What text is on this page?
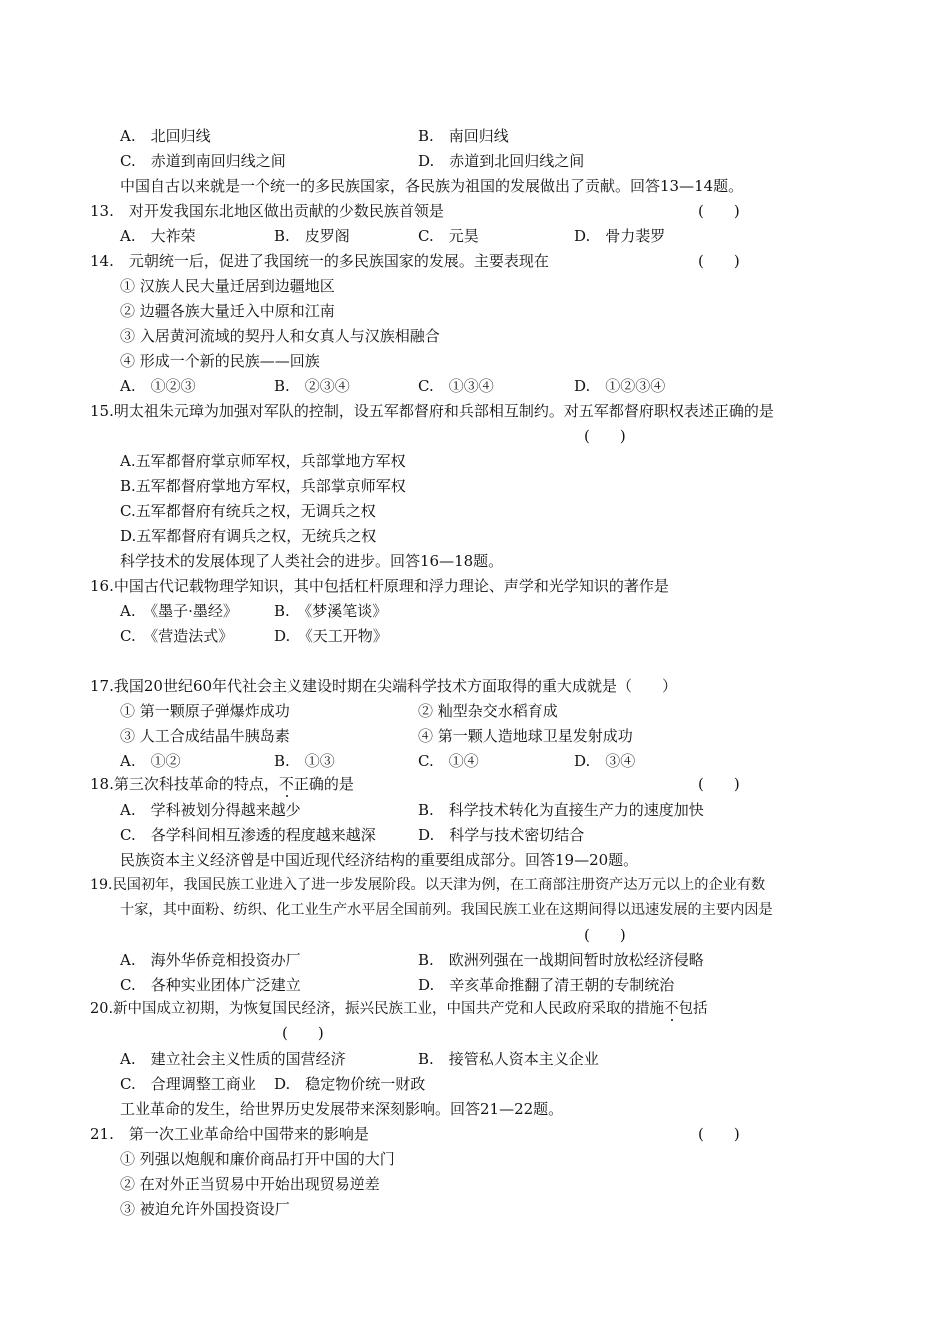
A.　北回归线	B.　南回归线
C.　赤道到南回归线之间	D.　赤道到北回归线之间
中国自古以来就是一个统一的多民族国家，各民族为祖国的发展做出了贡献。回答13—14题。
13.　对开发我国东北地区做出贡献的少数民族首领是	(　　)
A.　大祚荣	B.　皮罗阁	C.　元昊	D.　骨力裴罗
14.　元朝统一后，促进了我国统一的多民族国家的发展。主要表现在	(　　)
① 汉族人民大量迁居到边疆地区
② 边疆各族大量迁入中原和江南
③ 入居黄河流域的契丹人和女真人与汉族相融合
④ 形成一个新的民族——回族
A.　①②③	B.　②③④	C.　①③④	D.　①②③④
15.明太祖朱元璋为加强对军队的控制，设五军都督府和兵部相互制约。对五军都督府职权表述正确的是
(　　)
A.五军都督府掌京师军权，兵部掌地方军权
B.五军都督府掌地方军权，兵部掌京师军权
C.五军都督府有统兵之权，无调兵之权
D.五军都督府有调兵之权，无统兵之权
科学技术的发展体现了人类社会的进步。回答16—18题。
16.中国古代记载物理学知识，其中包括杠杆原理和浮力理论、声学和光学知识的著作是
A.　《墨子·墨经》 B.　《梦溪笔谈》
C.　《营造法式》	D.　《天工开物》
17.我国20世纪60年代社会主义建设时期在尖端科学技术方面取得的重大成就是（　　）
① 第一颗原子弹爆炸成功	② 籼型杂交水稻育成
③ 人工合成结晶牛胰岛素	④ 第一颗人造地球卫星发射成功
A.　①②	B.　①③	C.　①④	D.　③④
18.第三次科技革命的特点，不正确的是	(　　)
A.　学科被划分得越来越少	B.　科学技术转化为直接生产力的速度加快
C.　各学科间相互渗透的程度越来越深	D.　科学与技术密切结合
民族资本主义经济曾是中国近现代经济结构的重要组成部分。回答19—20题。
19.民国初年，我国民族工业进入了进一步发展阶段。以天津为例，在工商部注册资产达万元以上的企业有数
十家，其中面粉、纺织、化工业生产水平居全国前列。我国民族工业在这期间得以迅速发展的主要内因是
(　　)
A.　海外华侨竞相投资办厂	B.　欧洲列强在一战期间暂时放松经济侵略
C.　各种实业团体广泛建立	D.　辛亥革命推翻了清王朝的专制统治
20.新中国成立初期，为恢复国民经济，振兴民族工业，中国共产党和人民政府采取的措施不包括
(　　)
A.　建立社会主义性质的国营经济	B.　接管私人资本主义企业
C.　合理调整工商业 D.　稳定物价统一财政
工业革命的发生，给世界历史发展带来深刻影响。回答21—22题。
21.　第一次工业革命给中国带来的影响是	(　　)
① 列强以炮舰和廉价商品打开中国的大门
② 在对外正当贸易中开始出现贸易逆差
③ 被迫允许外国投资设厂
